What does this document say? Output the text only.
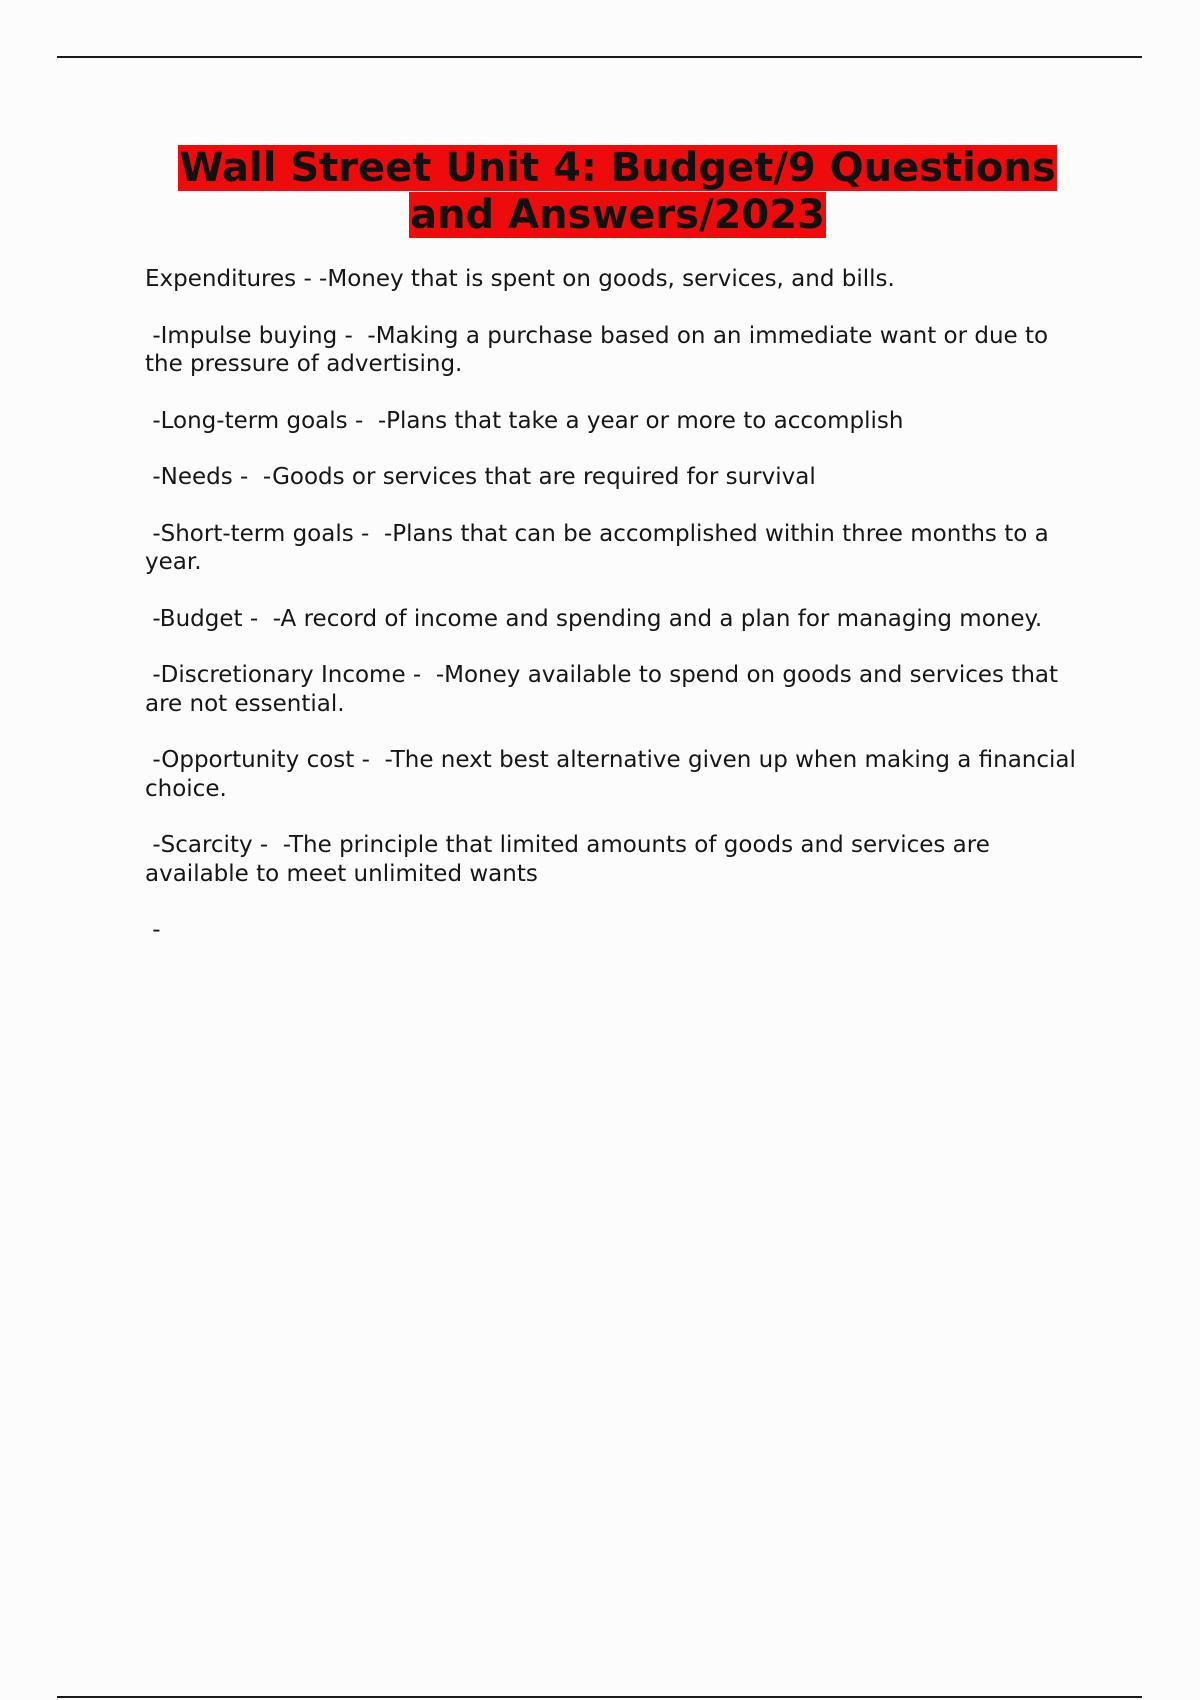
Wall Street Unit 4: Budget/9 Questions and Answers/2023

Expenditures - -Money that is spent on goods, services, and bills.

-Impulse buying -  -Making a purchase based on an immediate want or due to the pressure of advertising.

-Long-term goals -  -Plans that take a year or more to accomplish

-Needs -  -Goods or services that are required for survival

-Short-term goals -  -Plans that can be accomplished within three months to a year.

-Budget -  -A record of income and spending and a plan for managing money.

-Discretionary Income -  -Money available to spend on goods and services that are not essential.

-Opportunity cost -  -The next best alternative given up when making a financial choice.

-Scarcity -  -The principle that limited amounts of goods and services are available to meet unlimited wants

-
